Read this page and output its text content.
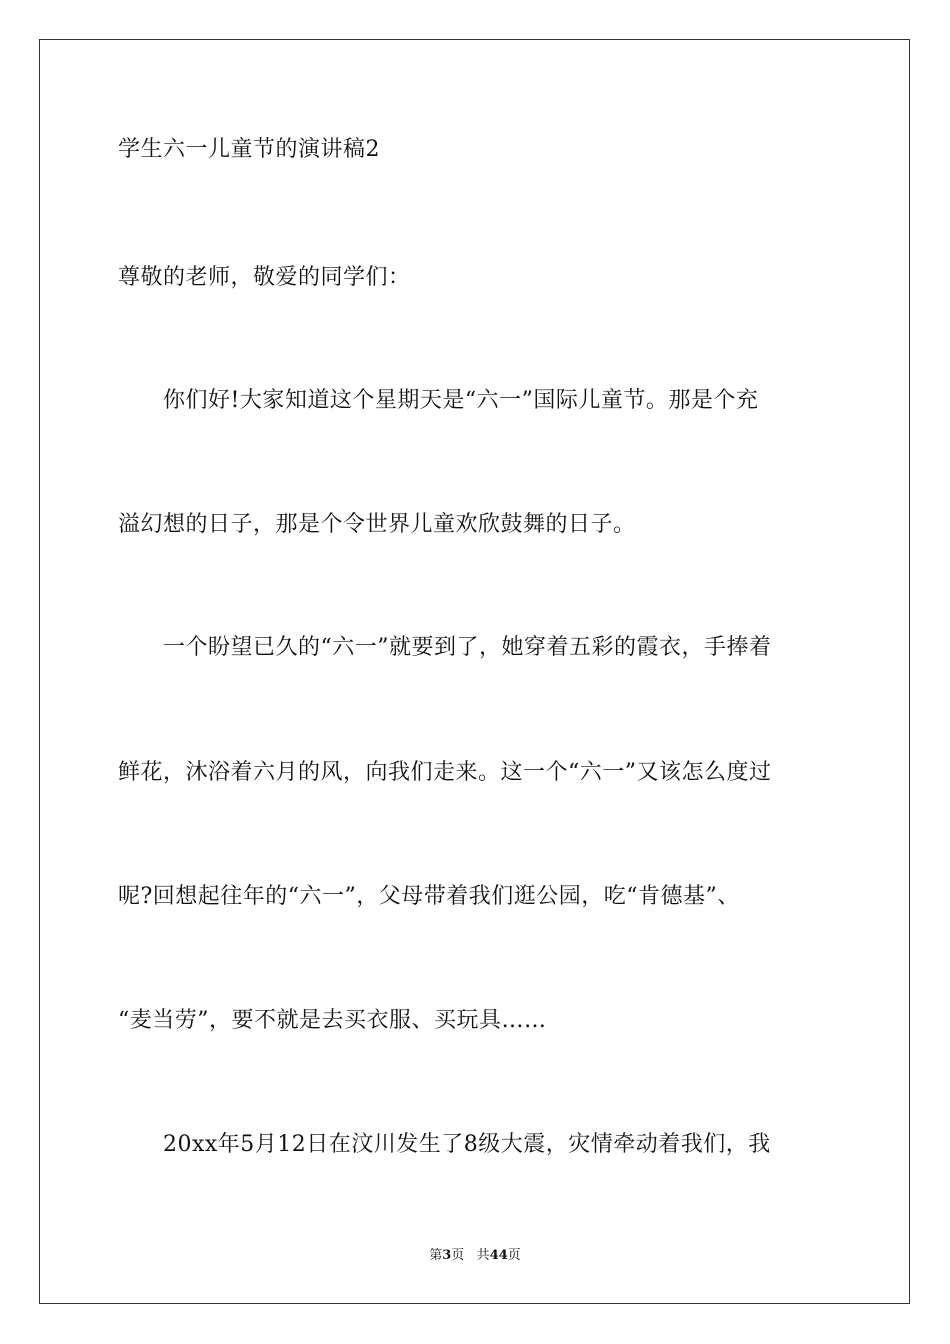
学生六一儿童节的演讲稿2
尊敬的老师，敬爱的同学们：
你们好!大家知道这个星期天是“六一”国际儿童节。那是个充
溢幻想的日子，那是个令世界儿童欢欣鼓舞的日子。
一个盼望已久的“六一”就要到了，她穿着五彩的霞衣，手捧着
鲜花，沐浴着六月的风，向我们走来。这一个“六一”又该怎么度过
呢?回想起往年的“六一”，父母带着我们逛公园，吃“肯德基”、
“麦当劳”，要不就是去买衣服、买玩具……
20xx年5月12日在汶川发生了8级大震，灾情牵动着我们，我
第3页 共44页
